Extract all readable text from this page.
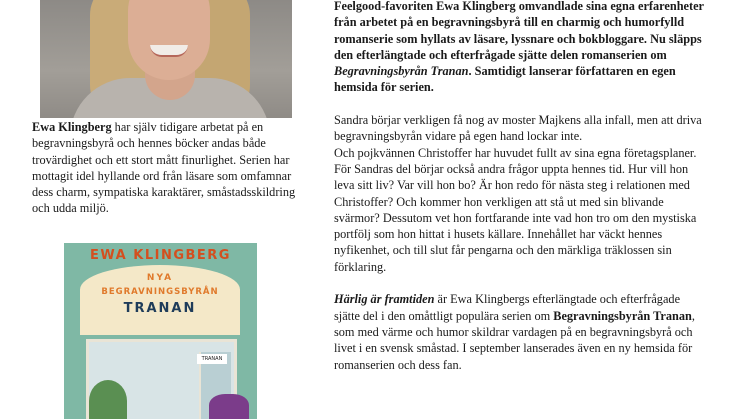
Ewa Klingberg har själv tidigare arbetat på en begravningsbyrå och hennes böcker andas både trovärdighet och ett stort mått finurlighet. Serien har mottagit idel hyllande ord från läsare som omfamnar dess charm, sympatiska karaktärer, småstadsskildring och udda miljö.

EWA KLINGBERG
NYA
BEGRAVNINGSBYRÅN
TRANAN
TRANAN

Feelgood-favoriten Ewa Klingberg omvandlade sina egna erfarenheter från arbetet på en begravningsbyrå till en charmig och humorfylld romanserie som hyllats av läsare, lyssnare och bokbloggare. Nu släpps den efterlängtade och efterfrågade sjätte delen romanserien om Begravningsbyrån Tranan. Samtidigt lanserar författaren en egen hemsida för serien.

Sandra börjar verkligen få nog av moster Majkens alla infall, men att driva begravningsbyrån vidare på egen hand lockar inte.

Och pojkvännen Christoffer har huvudet fullt av sina egna företagsplaner. För Sandras del börjar också andra frågor uppta hennes tid. Hur vill hon leva sitt liv? Var vill hon bo? Är hon redo för nästa steg i relationen med Christoffer? Och kommer hon verkligen att stå ut med sin blivande svärmor? Dessutom vet hon fortfarande inte vad hon tro om den mystiska portfölj som hon hittat i husets källare. Innehållet har väckt hennes nyfikenhet, och till slut får pengarna och den märkliga träklossen sin förklaring.

Härlig är framtiden är Ewa Klingbergs efterlängtade och efterfrågade sjätte del i den omåttligt populära serien om Begravningsbyrån Tranan, som med värme och humor skildrar vardagen på en begravningsbyrå och livet i en svensk småstad. I september lanserades även en ny hemsida för romanserien och dess fan.
